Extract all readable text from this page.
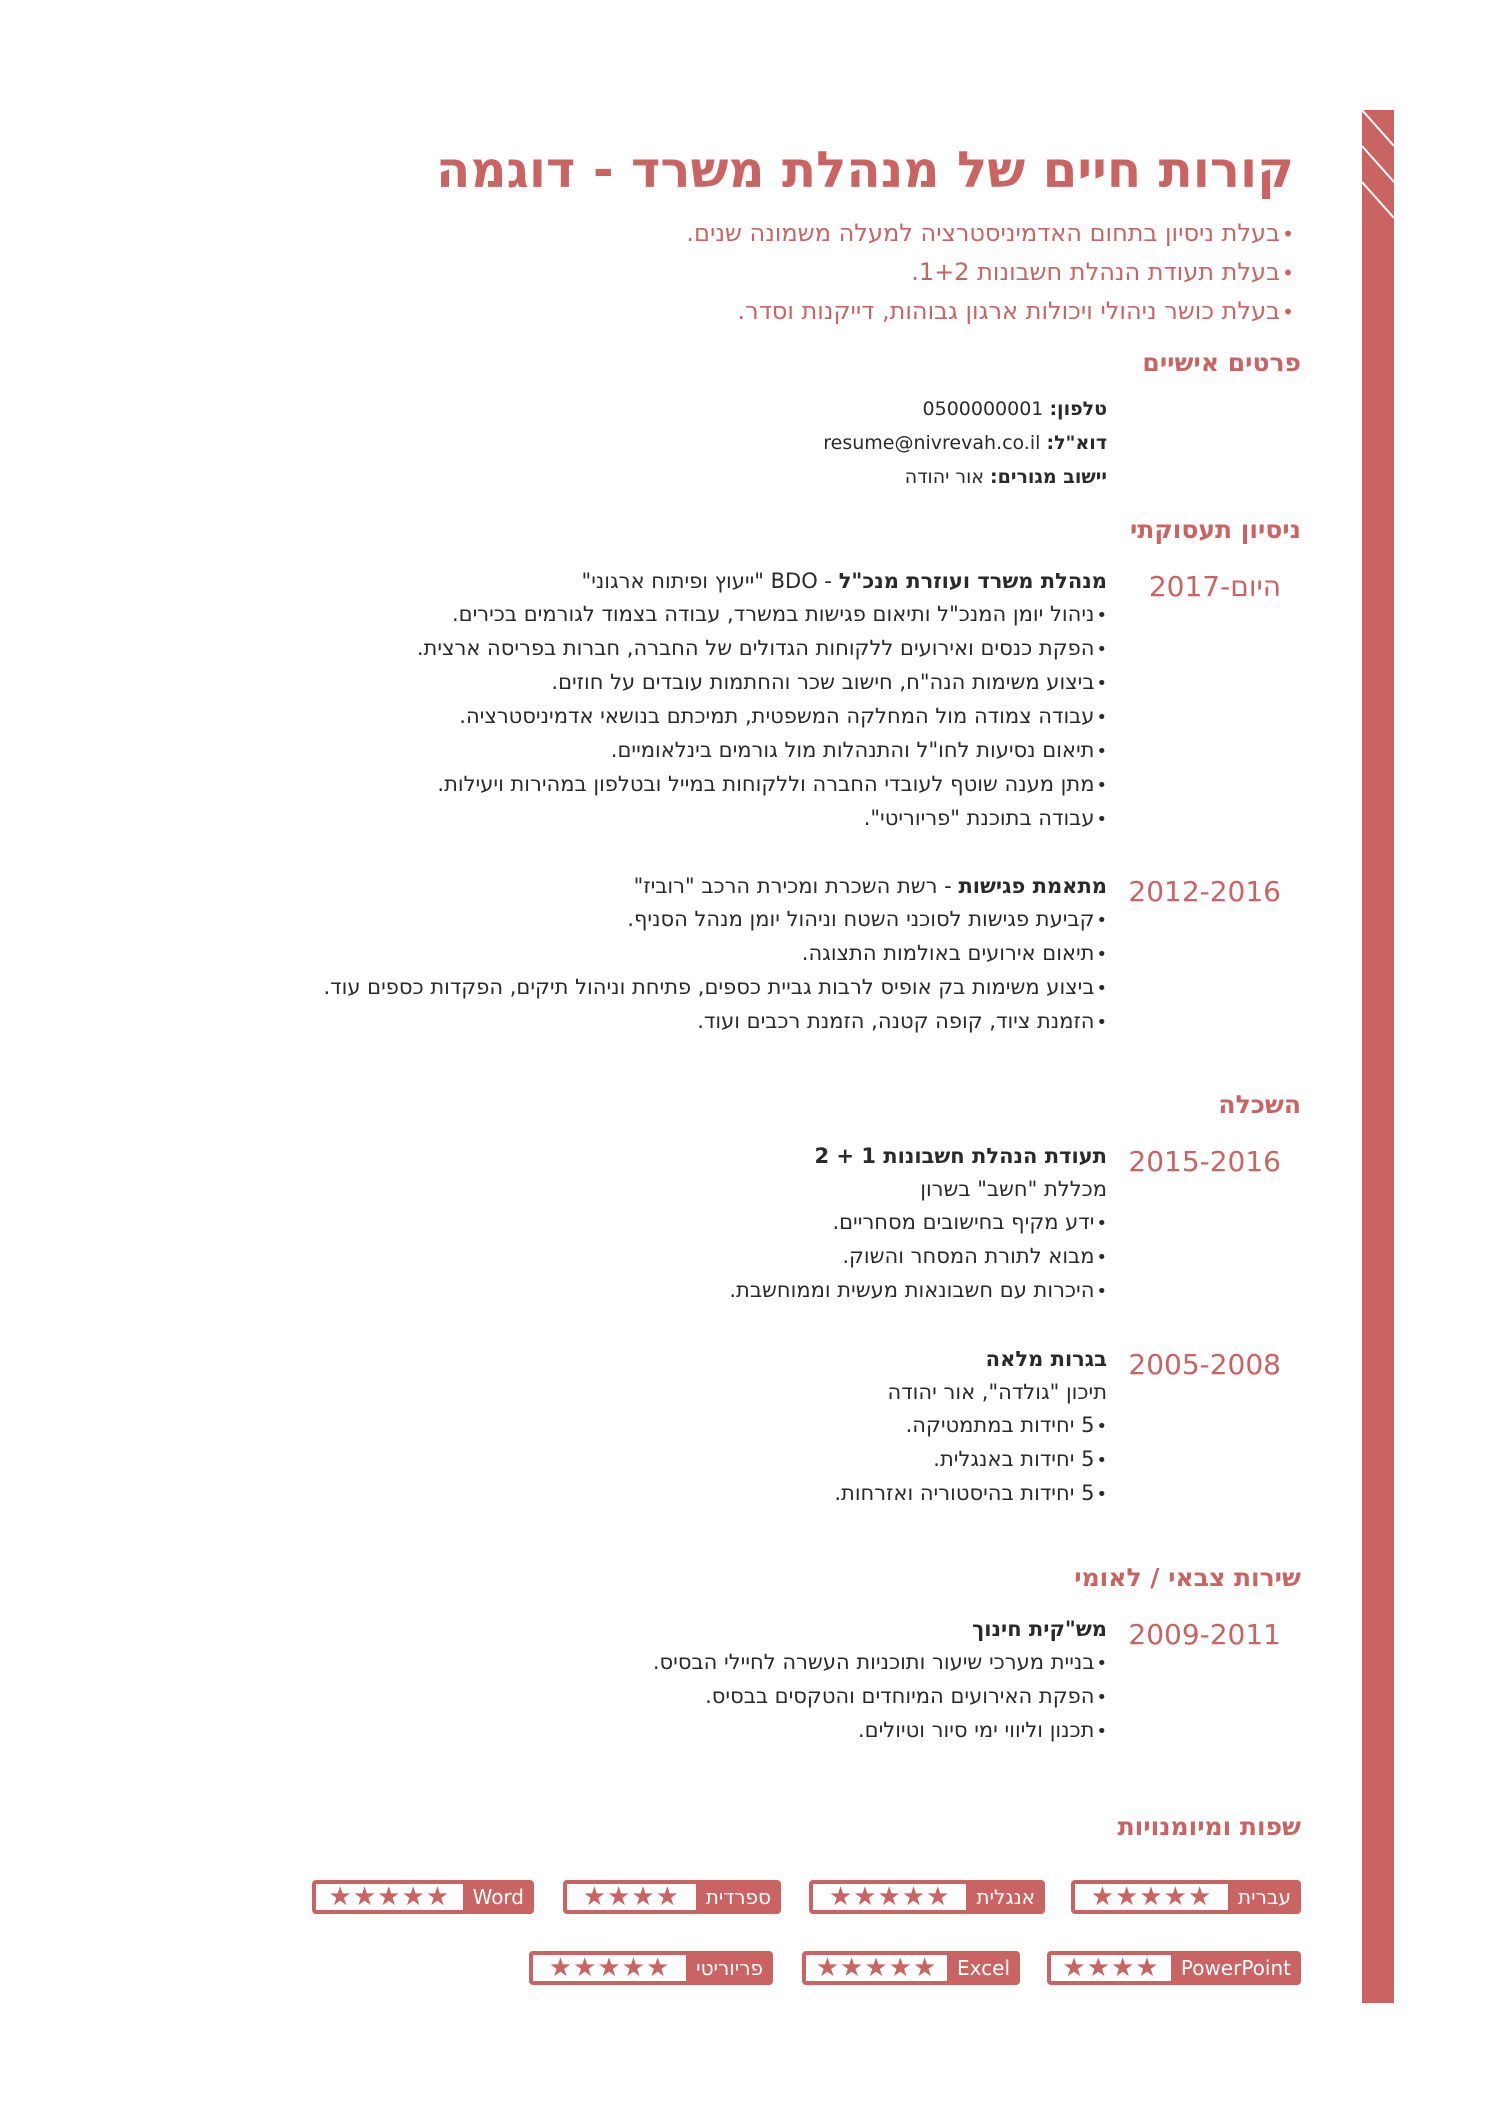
קורות חיים של מנהלת משרד - דוגמה
•בעלת ניסיון בתחום האדמיניסטרציה למעלה משמונה שנים.
•בעלת תעודת הנהלת חשבונות 1+2.
•בעלת כושר ניהולי ויכולות ארגון גבוהות, דייקנות וסדר.
פרטים אישיים
טלפון: 0500000001
דוא"ל: resume@nivrevah.co.il
יישוב מגורים: אור יהודה
ניסיון תעסוקתי
2017-היום
מנהלת משרד ועוזרת מנכ"ל - BDO "ייעוץ ופיתוח ארגוני"
•ניהול יומן המנכ"ל ותיאום פגישות במשרד, עבודה בצמוד לגורמים בכירים.
•הפקת כנסים ואירועים ללקוחות הגדולים של החברה, חברות בפריסה ארצית.
•ביצוע משימות הנה"ח, חישוב שכר והחתמות עובדים על חוזים.
•עבודה צמודה מול המחלקה המשפטית, תמיכתם בנושאי אדמיניסטרציה.
•תיאום נסיעות לחו"ל והתנהלות מול גורמים בינלאומיים.
•מתן מענה שוטף לעובדי החברה וללקוחות במייל ובטלפון במהירות ויעילות.
•עבודה בתוכנת "פריוריטי".
2012-2016
מתאמת פגישות - רשת השכרת ומכירת הרכב "רוביז"
•קביעת פגישות לסוכני השטח וניהול יומן מנהל הסניף.
•תיאום אירועים באולמות התצוגה.
•ביצוע משימות בק אופיס לרבות גביית כספים, פתיחת וניהול תיקים, הפקדות כספים עוד.
•הזמנת ציוד, קופה קטנה, הזמנת רכבים ועוד.
השכלה
2015-2016
תעודת הנהלת חשבונות 1 + 2
מכללת "חשב" בשרון
•ידע מקיף בחישובים מסחריים.
•מבוא לתורת המסחר והשוק.
•היכרות עם חשבונאות מעשית וממוחשבת.
2005-2008
בגרות מלאה
תיכון "גולדה", אור יהודה
•5 יחידות במתמטיקה.
•5 יחידות באנגלית.
•5 יחידות בהיסטוריה ואזרחות.
שירות צבאי / לאומי
2009-2011
מש"קית חינוך
•בניית מערכי שיעור ותוכניות העשרה לחיילי הבסיס.
•הפקת האירועים המיוחדים והטקסים בבסיס.
•תכנון וליווי ימי סיור וטיולים.
שפות ומיומנויות
עברית
★
★
★
★
★
אנגלית
★
★
★
★
★
ספרדית
★
★
★
★
Word
★
★
★
★
★
PowerPoint
★
★
★
★
Excel
★
★
★
★
★
פריוריטי
★
★
★
★
★
